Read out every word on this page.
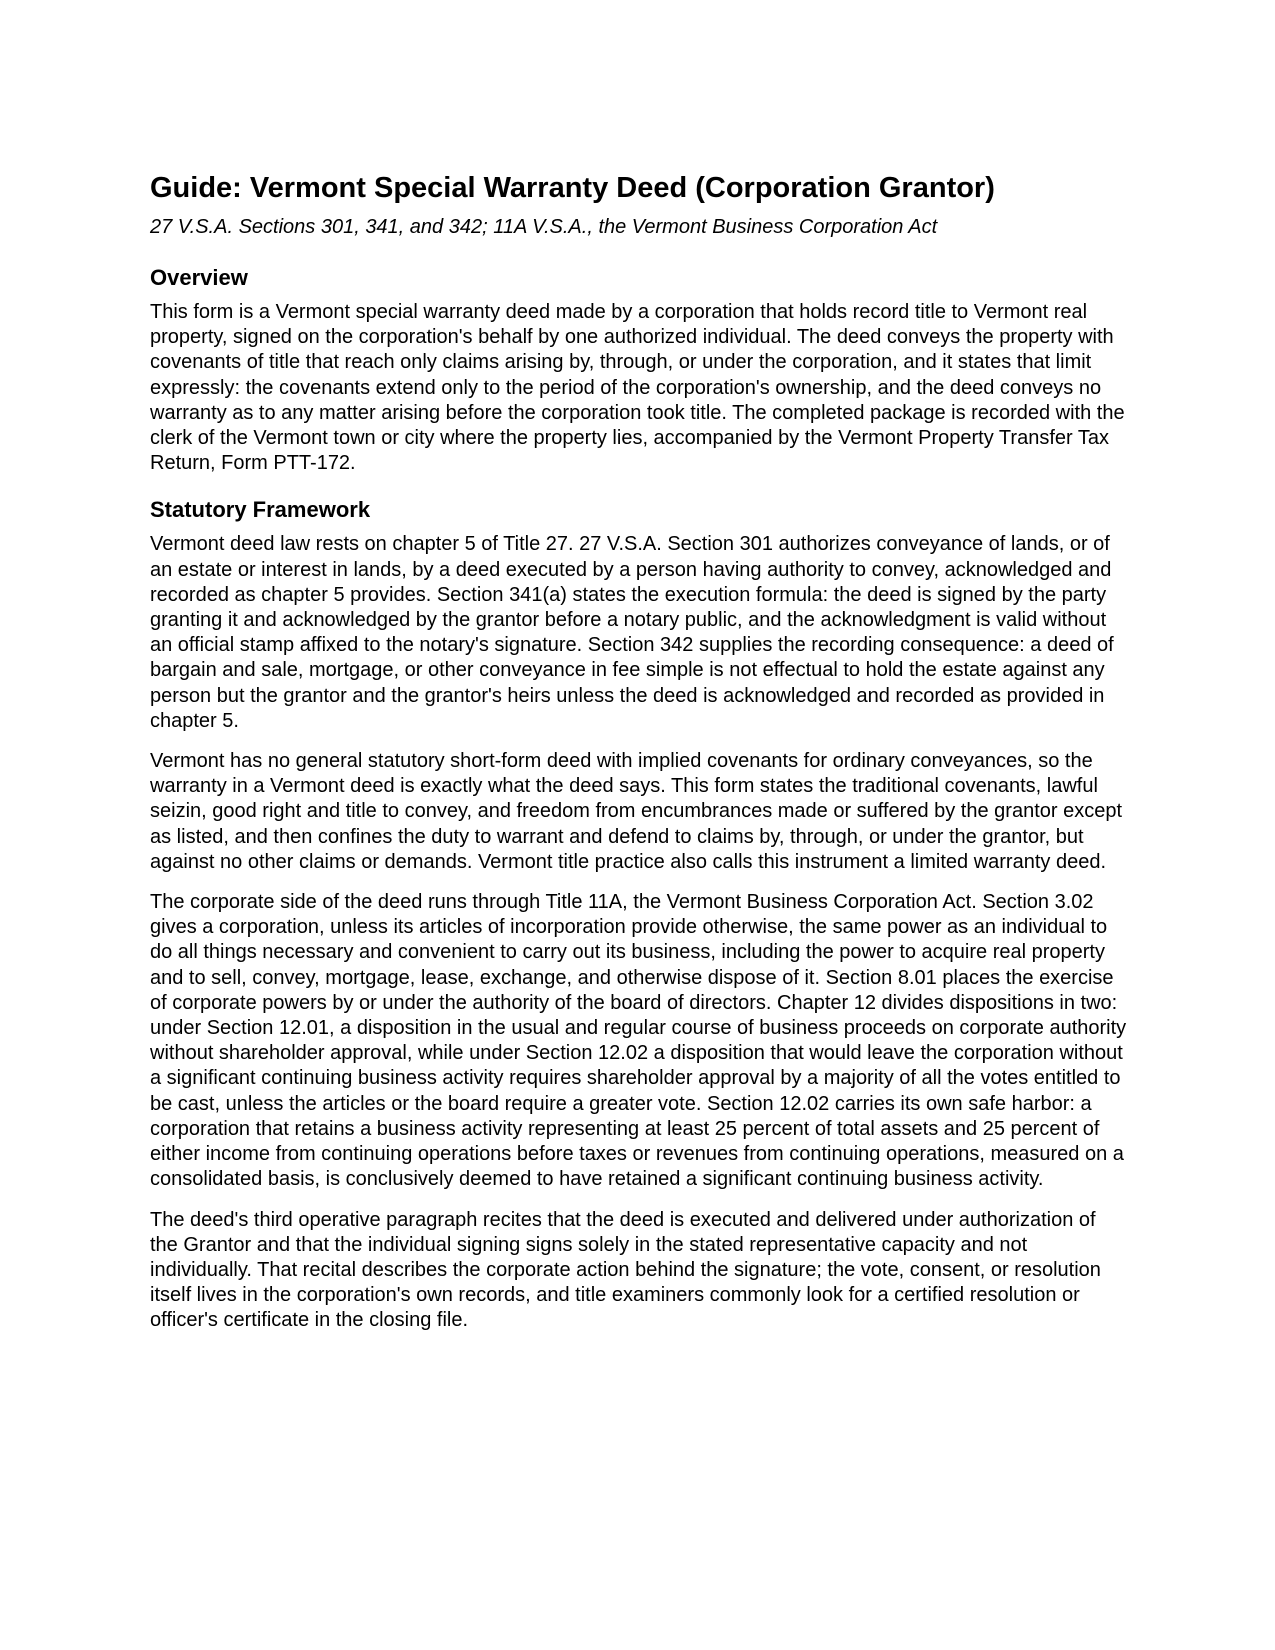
Guide: Vermont Special Warranty Deed (Corporation Grantor)

27 V.S.A. Sections 301, 341, and 342; 11A V.S.A., the Vermont Business Corporation Act

Overview

This form is a Vermont special warranty deed made by a corporation that holds record title to Vermont real property, signed on the corporation's behalf by one authorized individual. The deed conveys the property with covenants of title that reach only claims arising by, through, or under the corporation, and it states that limit expressly: the covenants extend only to the period of the corporation's ownership, and the deed conveys no warranty as to any matter arising before the corporation took title. The completed package is recorded with the clerk of the Vermont town or city where the property lies, accompanied by the Vermont Property Transfer Tax Return, Form PTT-172.

Statutory Framework

Vermont deed law rests on chapter 5 of Title 27. 27 V.S.A. Section 301 authorizes conveyance of lands, or of an estate or interest in lands, by a deed executed by a person having authority to convey, acknowledged and recorded as chapter 5 provides. Section 341(a) states the execution formula: the deed is signed by the party granting it and acknowledged by the grantor before a notary public, and the acknowledgment is valid without an official stamp affixed to the notary's signature. Section 342 supplies the recording consequence: a deed of bargain and sale, mortgage, or other conveyance in fee simple is not effectual to hold the estate against any person but the grantor and the grantor's heirs unless the deed is acknowledged and recorded as provided in chapter 5.

Vermont has no general statutory short-form deed with implied covenants for ordinary conveyances, so the warranty in a Vermont deed is exactly what the deed says. This form states the traditional covenants, lawful seizin, good right and title to convey, and freedom from encumbrances made or suffered by the grantor except as listed, and then confines the duty to warrant and defend to claims by, through, or under the grantor, but against no other claims or demands. Vermont title practice also calls this instrument a limited warranty deed.

The corporate side of the deed runs through Title 11A, the Vermont Business Corporation Act. Section 3.02 gives a corporation, unless its articles of incorporation provide otherwise, the same power as an individual to do all things necessary and convenient to carry out its business, including the power to acquire real property and to sell, convey, mortgage, lease, exchange, and otherwise dispose of it. Section 8.01 places the exercise of corporate powers by or under the authority of the board of directors. Chapter 12 divides dispositions in two: under Section 12.01, a disposition in the usual and regular course of business proceeds on corporate authority without shareholder approval, while under Section 12.02 a disposition that would leave the corporation without a significant continuing business activity requires shareholder approval by a majority of all the votes entitled to be cast, unless the articles or the board require a greater vote. Section 12.02 carries its own safe harbor: a corporation that retains a business activity representing at least 25 percent of total assets and 25 percent of either income from continuing operations before taxes or revenues from continuing operations, measured on a consolidated basis, is conclusively deemed to have retained a significant continuing business activity.

The deed's third operative paragraph recites that the deed is executed and delivered under authorization of the Grantor and that the individual signing signs solely in the stated representative capacity and not individually. That recital describes the corporate action behind the signature; the vote, consent, or resolution itself lives in the corporation's own records, and title examiners commonly look for a certified resolution or officer's certificate in the closing file.
